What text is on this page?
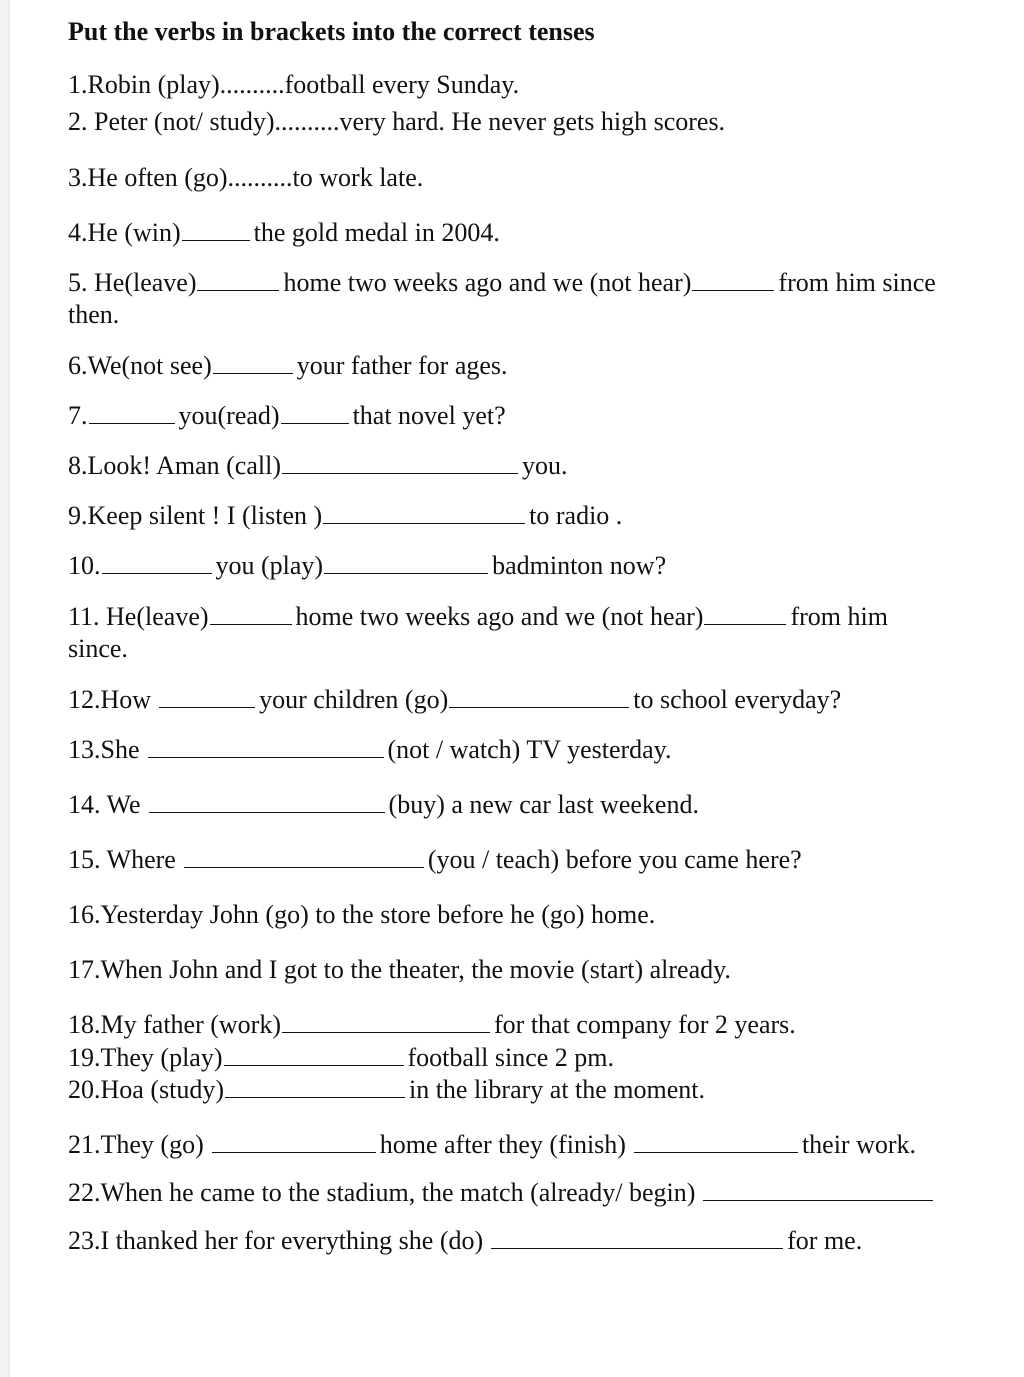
Put the verbs in brackets into the correct tenses
1.Robin (play)..........football every Sunday.
2. Peter (not/ study)..........very hard. He never gets high scores.
3.He often (go)..........to work late.
4.He (win)	the gold medal in 2004.
5. He(leave)	home two weeks ago and we (not hear)	from him since
then.
6.We(not see)	your father for ages.
7.	you(read)	that novel yet?
8.Look! Aman (call)	you.
9.Keep silent ! I (listen )	to radio .
10.	you (play)	badminton now?
11. He(leave)	home two weeks ago and we (not hear)	from him
since.
12.How	your children (go)	to school everyday?
13.She	(not / watch) TV yesterday.
14. We	(buy) a new car last weekend.
15. Where	(you / teach) before you came here?
16.Yesterday John (go) to the store before he (go) home.
17.When John and I got to the theater, the movie (start) already.
18.My father (work)	for that company for 2 years.
19.They (play)	football since 2 pm.
20.Hoa (study)	in the library at the moment.
21.They (go)	home after they (finish)	their work.
22.When he came to the stadium, the match (already/ begin)
23.I thanked her for everything she (do)	for me.
